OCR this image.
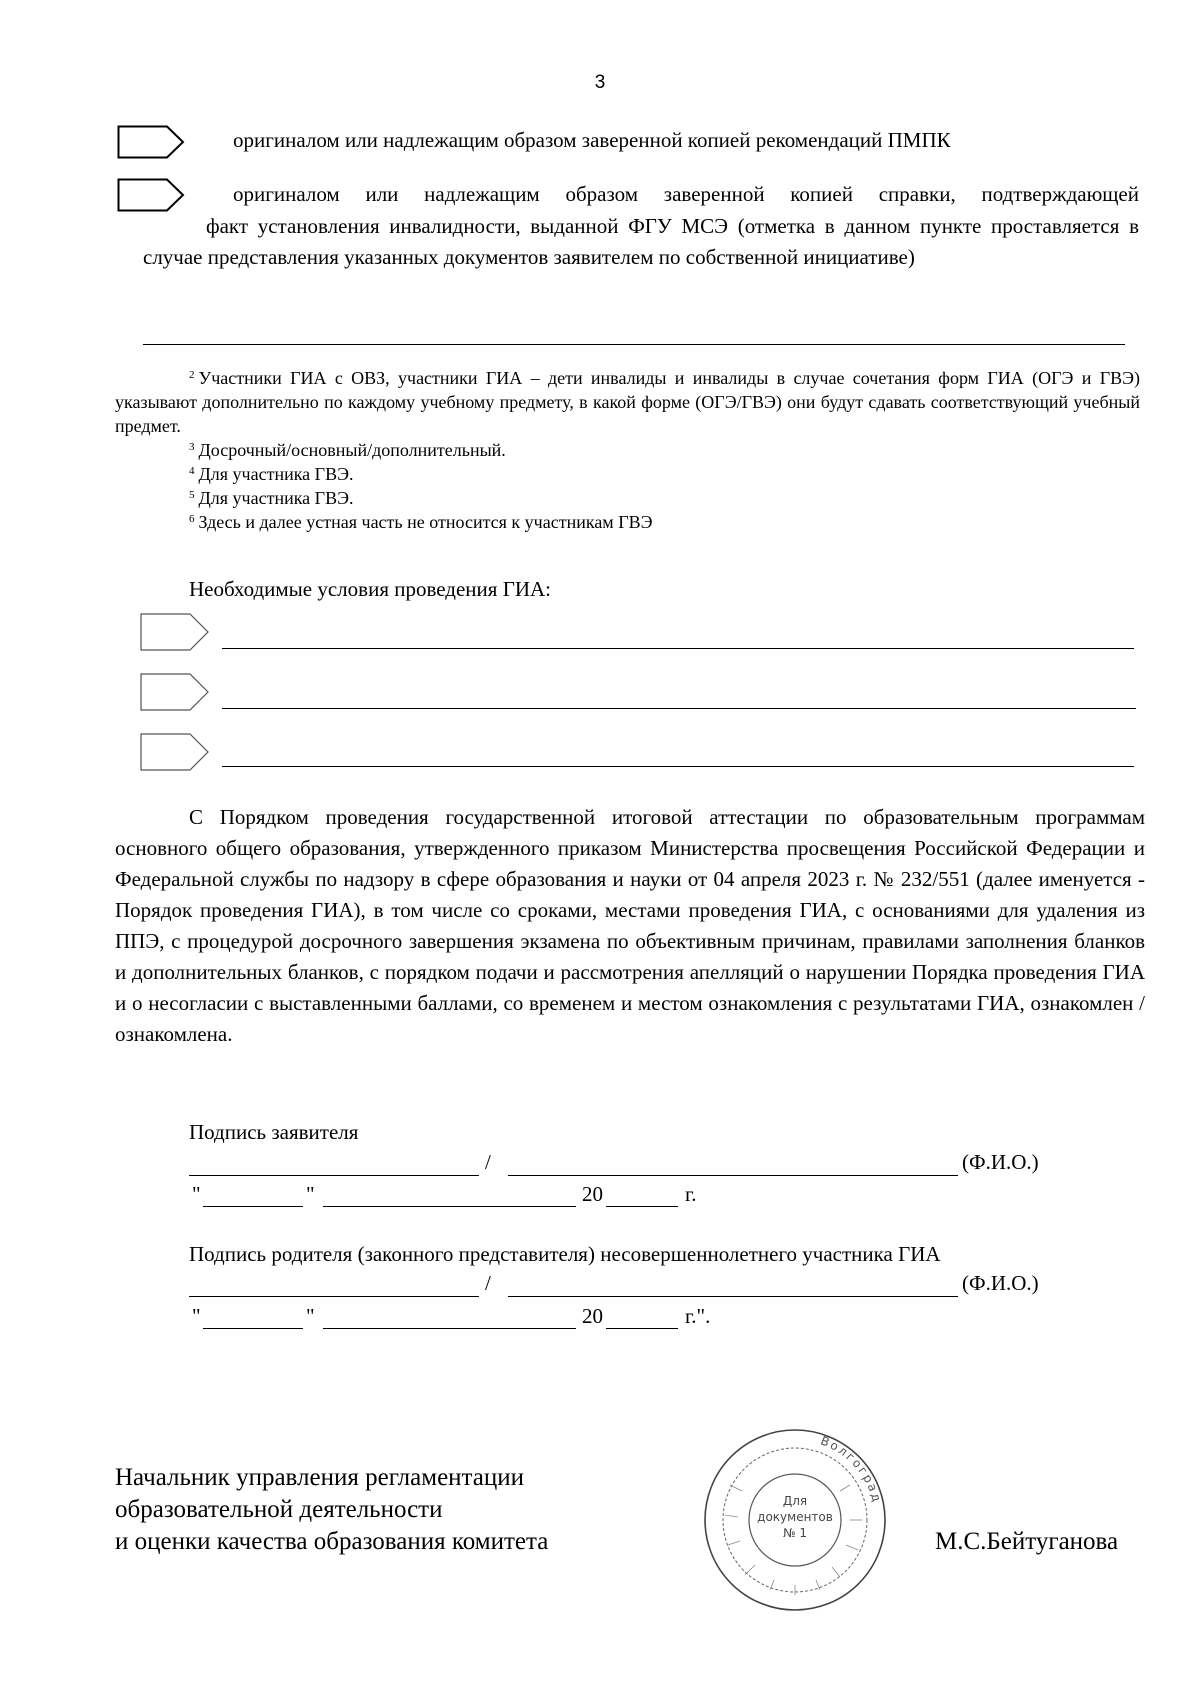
3
оригиналом или надлежащим образом заверенной копией рекомендаций ПМПК
оригиналом или надлежащим образом заверенной копией справки, подтверждающей
факт установления инвалидности, выданной ФГУ МСЭ (отметка в данном пункте проставляется в случае представления указанных документов заявителем по собственной инициативе)
$^2$ Участники ГИА с ОВЗ, участники ГИА – дети инвалиды и инвалиды в случае сочетания форм ГИА (ОГЭ и ГВЭ) указывают дополнительно по каждому учебному предмету, в какой форме (ОГЭ/ГВЭ) они будут сдавать соответствующий учебный предмет.
$^3$ Досрочный/основный/дополнительный.
$^4$ Для участника ГВЭ.
$^5$ Для участника ГВЭ.
$^6$ Здесь и далее устная часть не относится к участникам ГВЭ
Необходимые условия проведения ГИА:
С Порядком проведения государственной итоговой аттестации по образовательным программам основного общего образования, утвержденного приказом Министерства просвещения Российской Федерации и Федеральной службы по надзору в сфере образования и науки от 04 апреля 2023 г. № 232/551 (далее именуется - Порядок проведения ГИА), в том числе со сроками, местами проведения ГИА, с основаниями для удаления из ППЭ, с процедурой досрочного завершения экзамена по объективным причинам, правилами заполнения бланков и дополнительных бланков, с порядком подачи и рассмотрения апелляций о нарушении Порядка проведения ГИА и о несогласии с выставленными баллами, со временем и местом ознакомления с результатами ГИА, ознакомлен / ознакомлена.
Подпись заявителя
/	(Ф.И.О.)
"	"	20	г.
Подпись родителя (законного представителя) несовершеннолетнего участника ГИА
/	(Ф.И.О.)
"	"	20	г.".
Начальник управления регламентации
образовательной деятельности
и оценки качества образования комитета
Волгоград
Для
документов
№ 1	М.С.Бейтуганова
